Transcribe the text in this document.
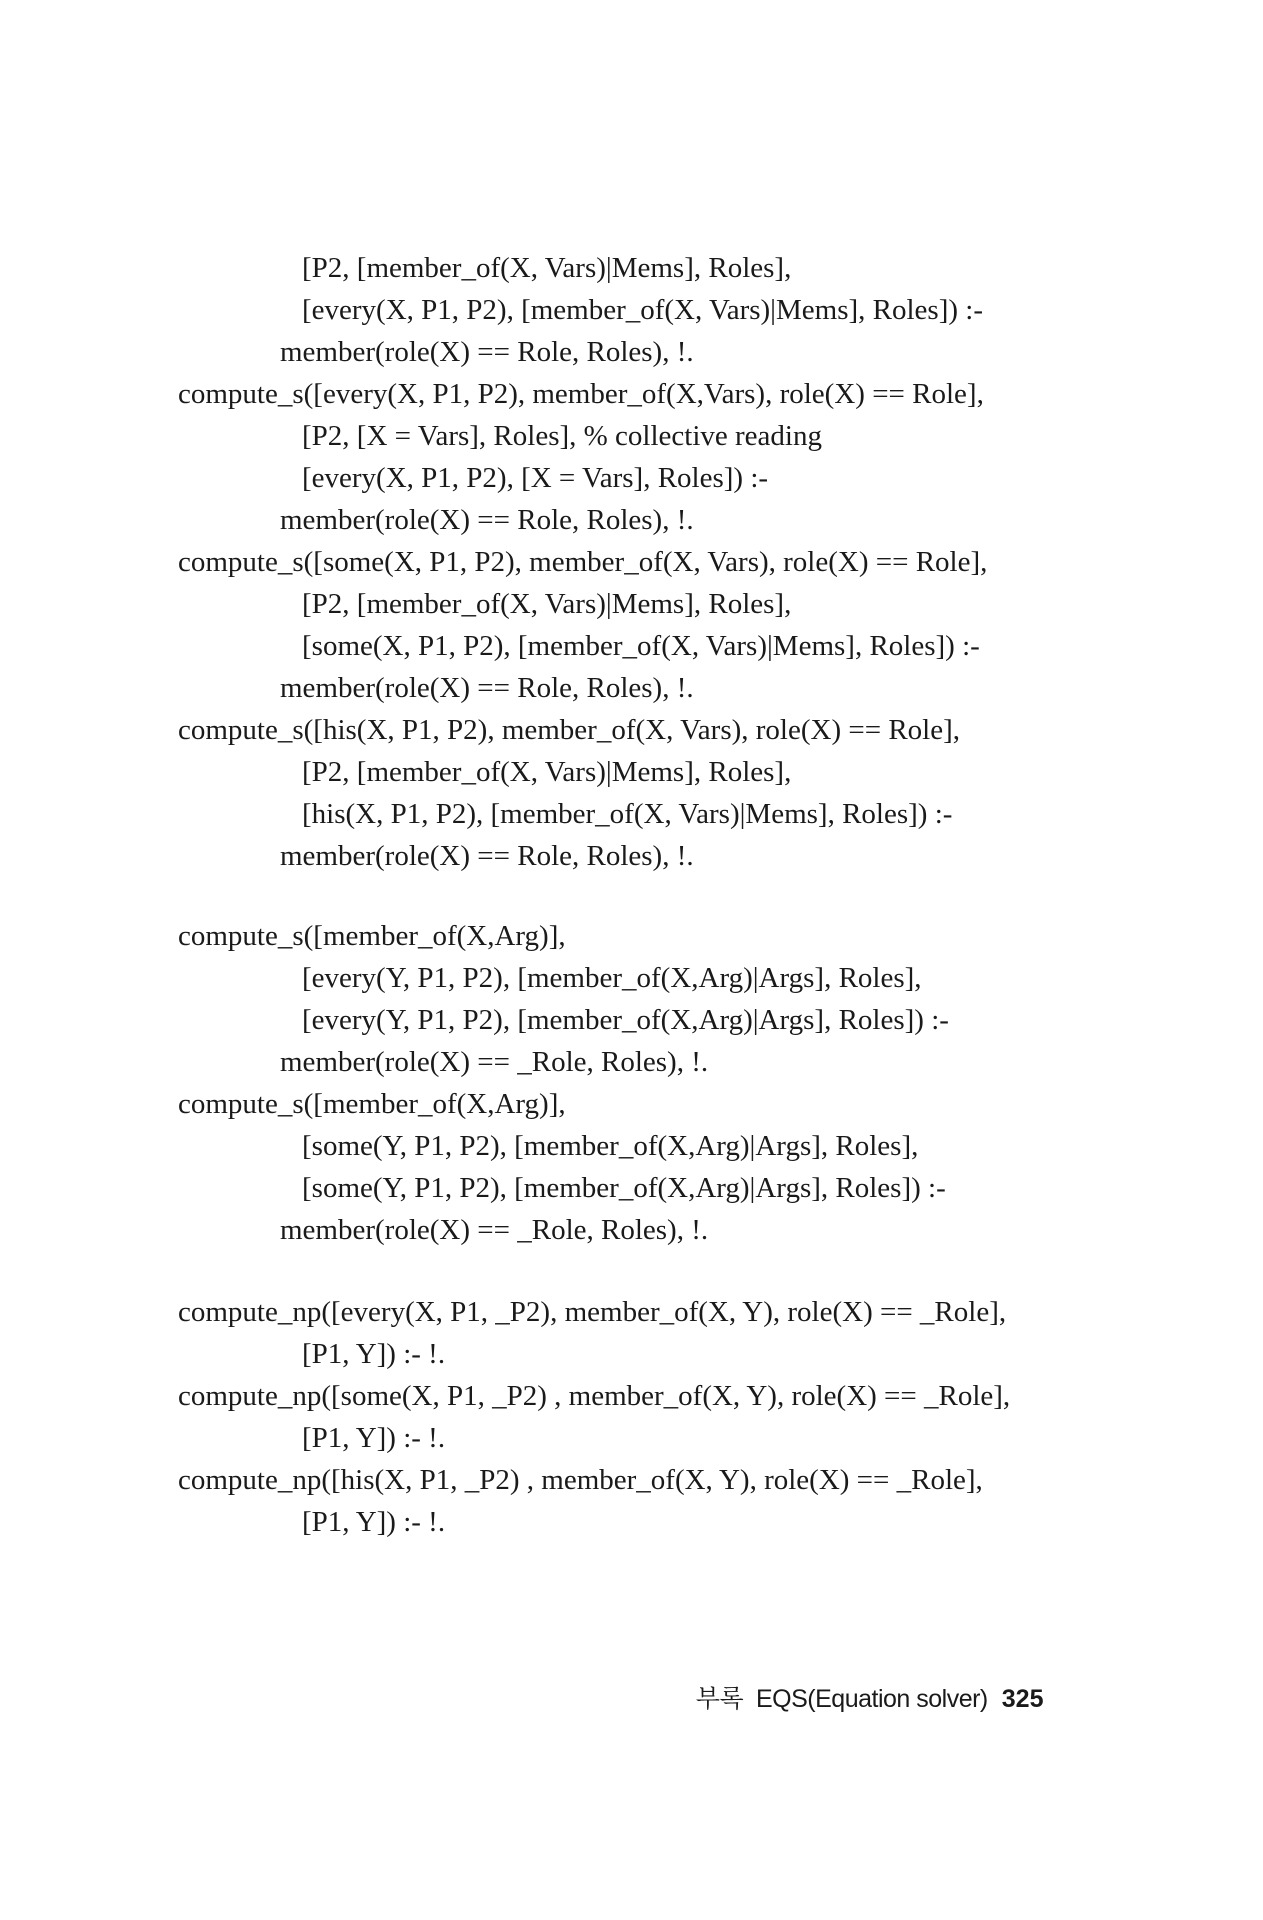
[P2, [member_of(X, Vars)|Mems], Roles],
[every(X, P1, P2), [member_of(X, Vars)|Mems], Roles]) :-
member(role(X) == Role, Roles), !.
compute_s([every(X, P1, P2), member_of(X,Vars), role(X) == Role],
[P2, [X = Vars], Roles], % collective reading
[every(X, P1, P2), [X = Vars], Roles]) :-
member(role(X) == Role, Roles), !.
compute_s([some(X, P1, P2), member_of(X, Vars), role(X) == Role],
[P2, [member_of(X, Vars)|Mems], Roles],
[some(X, P1, P2), [member_of(X, Vars)|Mems], Roles]) :-
member(role(X) == Role, Roles), !.
compute_s([his(X, P1, P2), member_of(X, Vars), role(X) == Role],
[P2, [member_of(X, Vars)|Mems], Roles],
[his(X, P1, P2), [member_of(X, Vars)|Mems], Roles]) :-
member(role(X) == Role, Roles), !.
compute_s([member_of(X,Arg)],
[every(Y, P1, P2), [member_of(X,Arg)|Args], Roles],
[every(Y, P1, P2), [member_of(X,Arg)|Args], Roles]) :-
member(role(X) == _Role, Roles), !.
compute_s([member_of(X,Arg)],
[some(Y, P1, P2), [member_of(X,Arg)|Args], Roles],
[some(Y, P1, P2), [member_of(X,Arg)|Args], Roles]) :-
member(role(X) == _Role, Roles), !.
compute_np([every(X, P1, _P2), member_of(X, Y), role(X) == _Role],
[P1, Y]) :- !.
compute_np([some(X, P1, _P2) , member_of(X, Y), role(X) == _Role],
[P1, Y]) :- !.
compute_np([his(X, P1, _P2) , member_of(X, Y), role(X) == _Role],
[P1, Y]) :- !.

부록  EQS(Equation solver) 325
